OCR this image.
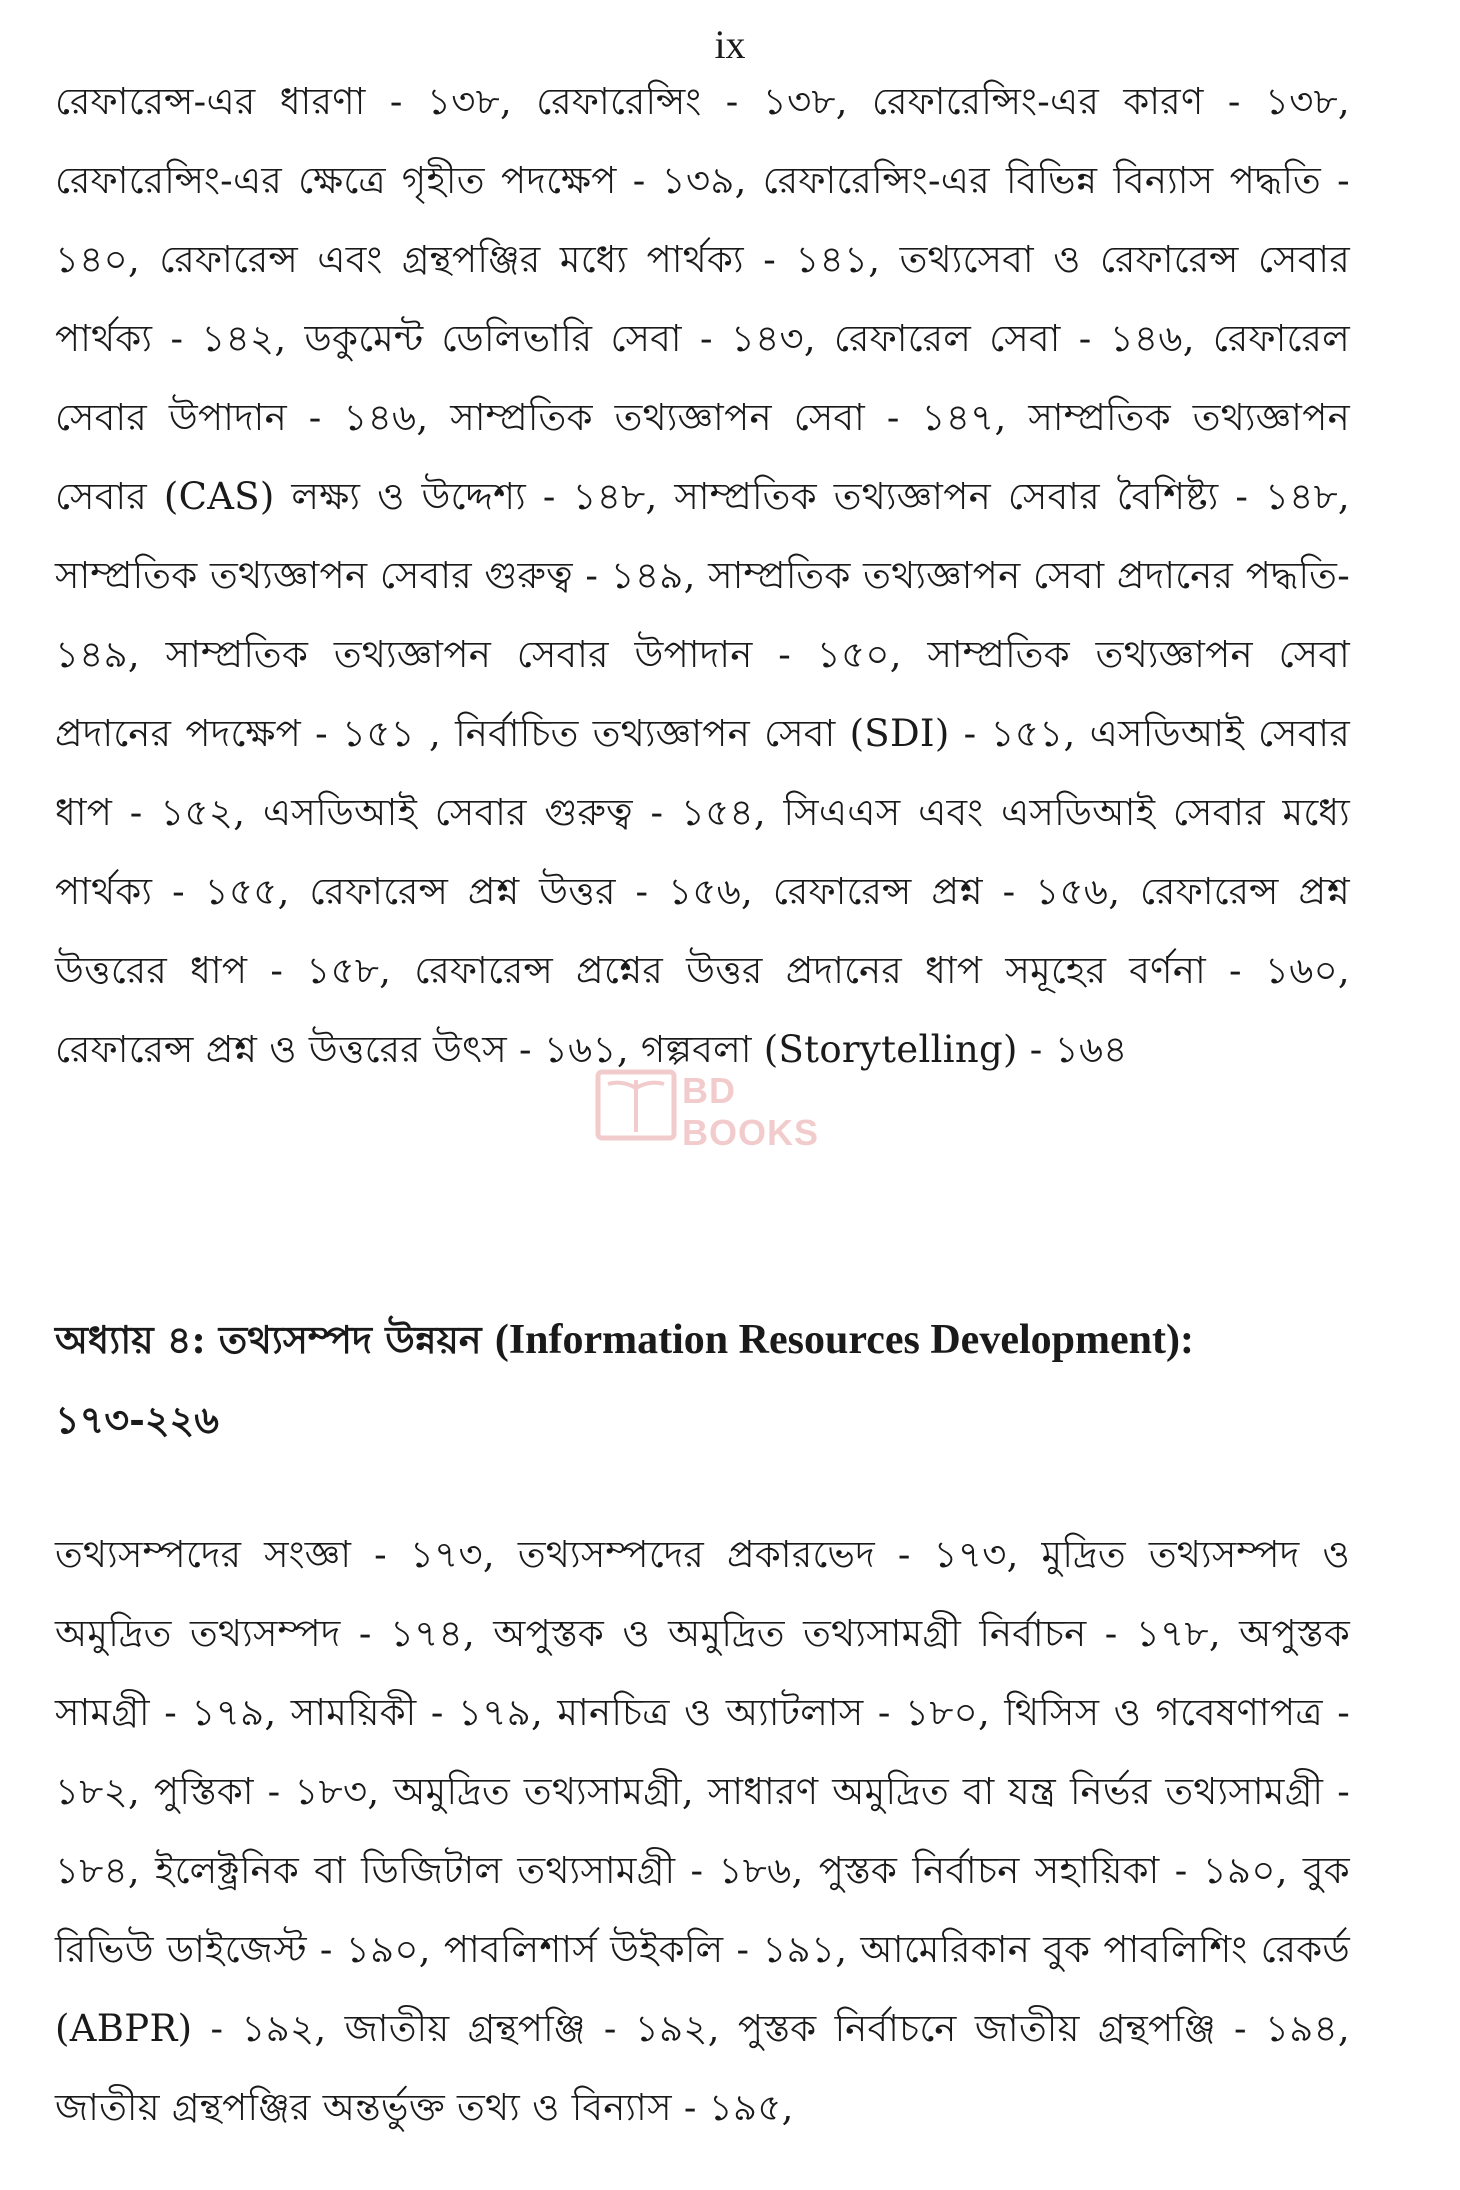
ix

রেফারেন্স-এর ধারণা - ১৩৮, রেফারেন্সিং - ১৩৮, রেফারেন্সিং-এর কারণ - ১৩৮, রেফারেন্সিং-এর ক্ষেত্রে গৃহীত পদক্ষেপ - ১৩৯, রেফারেন্সিং-এর বিভিন্ন বিন্যাস পদ্ধতি - ১৪০, রেফারেন্স এবং গ্রন্থপঞ্জির মধ্যে পার্থক্য - ১৪১, তথ্যসেবা ও রেফারেন্স সেবার পার্থক্য - ১৪২, ডকুমেন্ট ডেলিভারি সেবা - ১৪৩, রেফারেল সেবা - ১৪৬, রেফারেল সেবার উপাদান - ১৪৬, সাম্প্রতিক তথ্যজ্ঞাপন সেবা - ১৪৭, সাম্প্রতিক তথ্যজ্ঞাপন সেবার (CAS) লক্ষ্য ও উদ্দেশ্য - ১৪৮, সাম্প্রতিক তথ্যজ্ঞাপন সেবার বৈশিষ্ট্য - ১৪৮, সাম্প্রতিক তথ্যজ্ঞাপন সেবার গুরুত্ব - ১৪৯, সাম্প্রতিক তথ্যজ্ঞাপন সেবা প্রদানের পদ্ধতি- ১৪৯, সাম্প্রতিক তথ্যজ্ঞাপন সেবার উপাদান - ১৫০, সাম্প্রতিক তথ্যজ্ঞাপন সেবা প্রদানের পদক্ষেপ - ১৫১ , নির্বাচিত তথ্যজ্ঞাপন সেবা (SDI) - ১৫১, এসডিআই সেবার ধাপ - ১৫২, এসডিআই সেবার গুরুত্ব - ১৫৪, সিএএস এবং এসডিআই সেবার মধ্যে পার্থক্য - ১৫৫, রেফারেন্স প্রশ্ন উত্তর - ১৫৬, রেফারেন্স প্রশ্ন - ১৫৬, রেফারেন্স প্রশ্ন উত্তরের ধাপ - ১৫৮, রেফারেন্স প্রশ্নের উত্তর প্রদানের ধাপ সমূহের বর্ণনা - ১৬০, রেফারেন্স প্রশ্ন ও উত্তরের উৎস - ১৬১, গল্পবলা (Storytelling) - ১৬৪

অধ্যায় ৪: তথ্যসম্পদ উন্নয়ন (Information Resources Development):
১৭৩-২২৬

তথ্যসম্পদের সংজ্ঞা - ১৭৩, তথ্যসম্পদের প্রকারভেদ - ১৭৩, মুদ্রিত তথ্যসম্পদ ও অমুদ্রিত তথ্যসম্পদ - ১৭৪, অপুস্তক ও অমুদ্রিত তথ্যসামগ্রী নির্বাচন - ১৭৮, অপুস্তক সামগ্রী - ১৭৯, সাময়িকী - ১৭৯, মানচিত্র ও অ্যাটলাস - ১৮০, থিসিস ও গবেষণাপত্র - ১৮২, পুস্তিকা - ১৮৩, অমুদ্রিত তথ্যসামগ্রী, সাধারণ অমুদ্রিত বা যন্ত্র নির্ভর তথ্যসামগ্রী - ১৮৪, ইলেক্ট্রনিক বা ডিজিটাল তথ্যসামগ্রী - ১৮৬, পুস্তক নির্বাচন সহায়িকা - ১৯০, বুক রিভিউ ডাইজেস্ট - ১৯০, পাবলিশার্স উইকলি - ১৯১, আমেরিকান বুক পাবলিশিং রেকর্ড (ABPR) - ১৯২, জাতীয় গ্রন্থপঞ্জি - ১৯২, পুস্তক নির্বাচনে জাতীয় গ্রন্থপঞ্জি - ১৯৪, জাতীয় গ্রন্থপঞ্জির অন্তর্ভুক্ত তথ্য ও বিন্যাস - ১৯৫,

BD BOOKS
